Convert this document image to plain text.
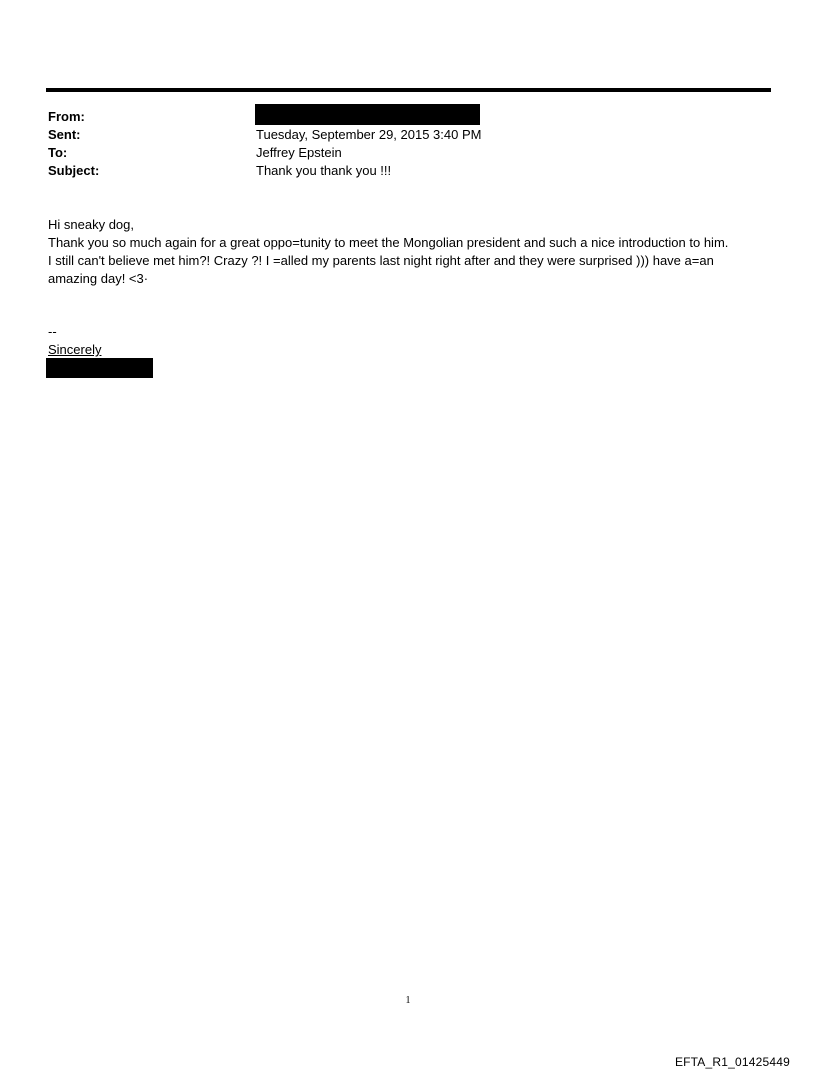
From:
Sent:	Tuesday, September 29, 2015 3:40 PM
To:	Jeffrey Epstein
Subject:	Thank you thank you !!!
Hi sneaky dog,
Thank you so much again for a great oppo=tunity to meet the Mongolian president and such a nice introduction to him.
I still can't believe met him?! Crazy ?! I =alled my parents last night right after and they were surprised ))) have a=an
amazing day! <3·
--
Sincerely
1
EFTA_R1_01425449
